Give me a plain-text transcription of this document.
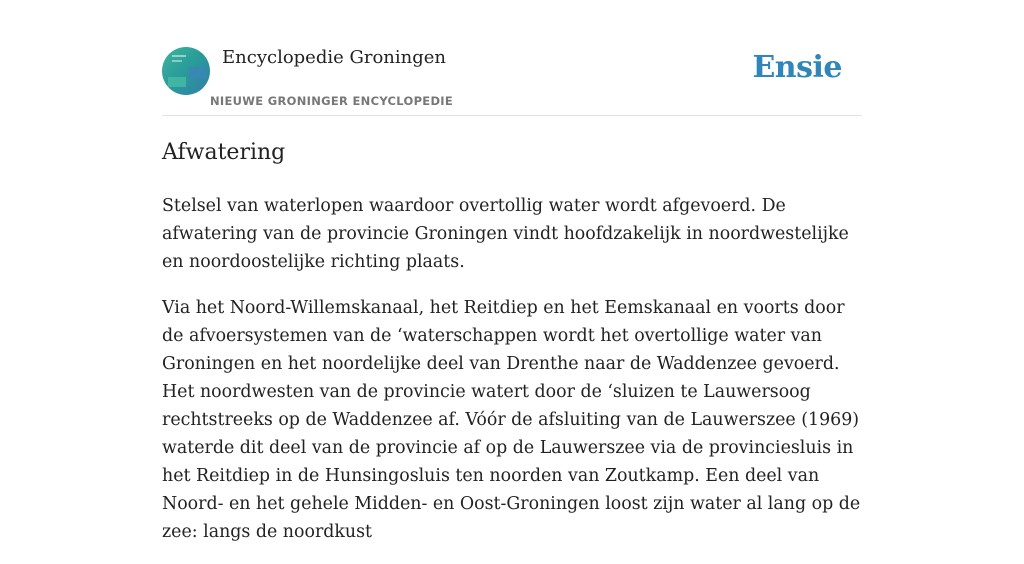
Encyclopedie Groningen
NIEUWE GRONINGER ENCYCLOPEDIE
Ensie
Afwatering

Stelsel van waterlopen waardoor overtollig water wordt afgevoerd. De afwatering van de provincie Groningen vindt hoofdzakelijk in noordwestelijke en noordoostelijke richting plaats.

Via het Noord-Willemskanaal, het Reitdiep en het Eemskanaal en voorts door de afvoersystemen van de ‘waterschappen wordt het overtollige water van Groningen en het noordelijke deel van Drenthe naar de Waddenzee gevoerd. Het noordwesten van de provincie watert door de ‘sluizen te Lauwersoog rechtstreeks op de Waddenzee af. Vóór de afsluiting van de Lauwerszee (1969) waterde dit deel van de provincie af op de Lauwerszee via de provinciesluis in het Reitdiep in de Hunsingosluis ten noorden van Zoutkamp. Een deel van Noord- en het gehele Midden- en Oost-Groningen loost zijn water al lang op de zee: langs de noordkust
